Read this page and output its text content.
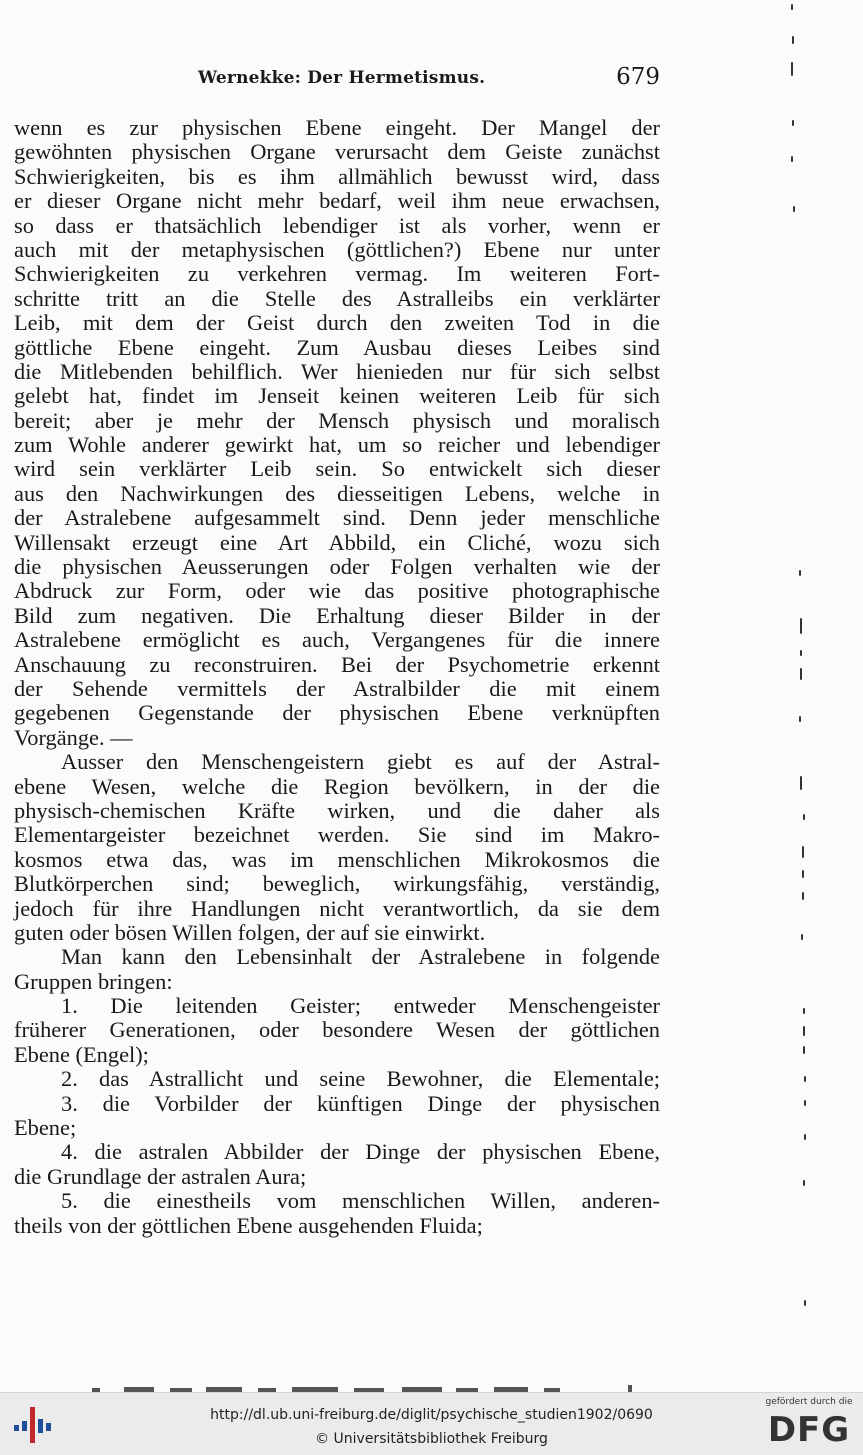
Wernekke: Der Hermetismus.	679
wenn es zur physischen Ebene eingeht. Der Mangel der
gewöhnten physischen Organe verursacht dem Geiste zunächst
Schwierigkeiten, bis es ihm allmählich bewusst wird, dass
er dieser Organe nicht mehr bedarf, weil ihm neue erwachsen,
so dass er thatsächlich lebendiger ist als vorher, wenn er
auch mit der metaphysischen (göttlichen?) Ebene nur unter
Schwierigkeiten zu verkehren vermag. Im weiteren Fort-
schritte tritt an die Stelle des Astralleibs ein verklärter
Leib, mit dem der Geist durch den zweiten Tod in die
göttliche Ebene eingeht. Zum Ausbau dieses Leibes sind
die Mitlebenden behilflich. Wer hienieden nur für sich selbst
gelebt hat, findet im Jenseit keinen weiteren Leib für sich
bereit; aber je mehr der Mensch physisch und moralisch
zum Wohle anderer gewirkt hat, um so reicher und lebendiger
wird sein verklärter Leib sein. So entwickelt sich dieser
aus den Nachwirkungen des diesseitigen Lebens, welche in
der Astralebene aufgesammelt sind. Denn jeder menschliche
Willensakt erzeugt eine Art Abbild, ein Cliché, wozu sich
die physischen Aeusserungen oder Folgen verhalten wie der
Abdruck zur Form, oder wie das positive photographische
Bild zum negativen. Die Erhaltung dieser Bilder in der
Astralebene ermöglicht es auch, Vergangenes für die innere
Anschauung zu reconstruiren. Bei der Psychometrie erkennt
der Sehende vermittels der Astralbilder die mit einem
gegebenen Gegenstande der physischen Ebene verknüpften
Vorgänge. —
Ausser den Menschengeistern giebt es auf der Astral-
ebene Wesen, welche die Region bevölkern, in der die
physisch-chemischen Kräfte wirken, und die daher als
Elementargeister bezeichnet werden. Sie sind im Makro-
kosmos etwa das, was im menschlichen Mikrokosmos die
Blutkörperchen sind; beweglich, wirkungsfähig, verständig,
jedoch für ihre Handlungen nicht verantwortlich, da sie dem
guten oder bösen Willen folgen, der auf sie einwirkt.
Man kann den Lebensinhalt der Astralebene in folgende
Gruppen bringen:
1. Die leitenden Geister; entweder Menschengeister
früherer Generationen, oder besondere Wesen der göttlichen
Ebene (Engel);
2. das Astrallicht und seine Bewohner, die Elementale;
3. die Vorbilder der künftigen Dinge der physischen
Ebene;
4. die astralen Abbilder der Dinge der physischen Ebene,
die Grundlage der astralen Aura;
5. die einestheils vom menschlichen Willen, anderen-
theils von der göttlichen Ebene ausgehenden Fluida;
http://dl.ub.uni-freiburg.de/diglit/psychische_studien1902/0690
© Universitätsbibliothek Freiburg
gefördert durch die
DFG
